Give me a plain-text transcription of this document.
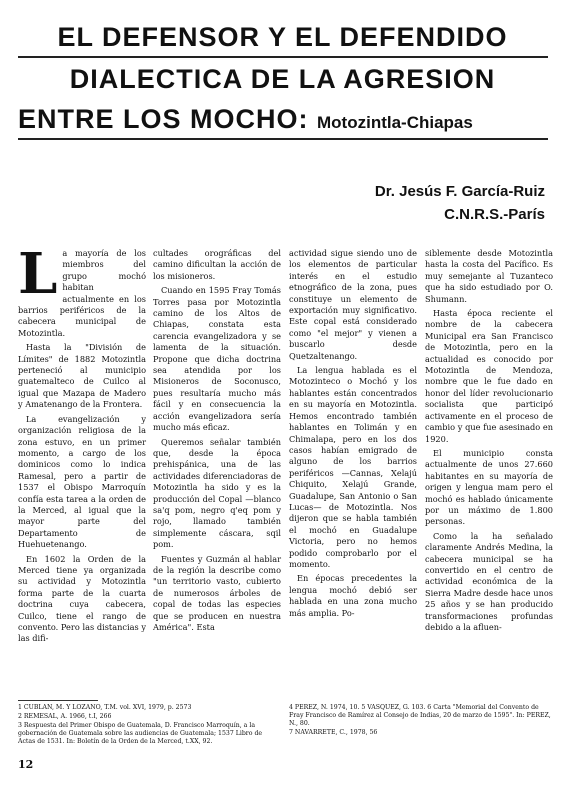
EL DEFENSOR Y EL DEFENDIDO
DIALECTICA DE LA AGRESION
ENTRE LOS MOCHO: Motozintla-Chiapas
Dr. Jesús F. García-Ruiz
C.N.R.S.-París
L a mayoría de los miembros del grupo mochó habitan actualmente en los barrios periféricos de la cabecera municipal de Motozintla.

Hasta la "División de Límites" de 1882 Motozintla perteneció al municipio guatemalteco de Cuilco al igual que Mazapa de Madero y Amatenango de la Frontera.

La evangelización y organización religiosa de la zona estuvo, en un primer momento, a cargo de los dominicos como lo indica Ramesal, pero a partir de 1537 el Obispo Marroquín confía esta tarea a la orden de la Merced, al igual que la mayor parte del Departamento de Huehuetenango.

En 1602 la Orden de la Merced tiene ya organizada su actividad y Motozintla forma parte de la cuarta doctrina cuya cabecera, Cuilco, tiene el rango de convento. Pero las distancias y las difi-

cultades orográficas del camino dificultan la acción de los misioneros.

Cuando en 1595 Fray Tomás Torres pasa por Motozintla camino de los Altos de Chiapas, constata esta carencia evangelizadora y se lamenta de la situación. Propone que dicha doctrina sea atendida por los Misioneros de Soconusco, pues resultaría mucho más fácil y en consecuencia la acción evangelizadora sería mucho más eficaz.

Queremos señalar también que, desde la época prehispánica, una de las actividades diferenciadoras de Motozintla ha sido y es la producción del Copal —blanco sa'q pom, negro q'eq pom y rojo, llamado también simplemente cáscara, sqil pom.

Fuentes y Guzmán al hablar de la región la describe como "un territorio vasto, cubierto de numerosos árboles de copal de todas las especies que se producen en nuestra América". Esta

actividad sigue siendo uno de los elementos de particular interés en el estudio etnográfico de la zona, pues constituye un elemento de exportación muy significativo. Este copal está considerado como "el mejor" y vienen a buscarlo desde Quetzaltenango.

La lengua hablada es el Motozinteco o Mochó y los hablantes están concentrados en su mayoría en Motozintla. Hemos encontrado también hablantes en Tolimán y en Chimalapa, pero en los dos casos habían emigrado de alguno de los barrios periféricos —Cannas, Xelajú Chiquito, Xelajú Grande, Guadalupe, San Antonio o San Lucas— de Motozintla. Nos dijeron que se habla también el mochó en Guadalupe Victoria, pero no hemos podido comprobarlo por el momento.

En épocas precedentes la lengua mochó debió ser hablada en una zona mucho más amplia. Po-

siblemente desde Motozintla hasta la costa del Pacífico. Es muy semejante al Tuzanteco que ha sido estudiado por O. Shumann.

Hasta época reciente el nombre de la cabecera Municipal era San Francisco de Motozintla, pero en la actualidad es conocido por Motozintla de Mendoza, nombre que le fue dado en honor del líder revolucionario socialista que participó activamente en el proceso de cambio y que fue asesinado en 1920.

El municipio consta actualmente de unos 27.660 habitantes en su mayoría de origen y lengua mam pero el mochó es hablado únicamente por un máximo de 1.800 personas.

Como la ha señalado claramente Andrés Medina, la cabecera municipal se ha convertido en el centro de actividad económica de la Sierra Madre desde hace unos 25 años y se han producido transformaciones profundas debido a la afluen-

1 CUBLAN, M. Y LOZANO, T.M. vol. XVI, 1979, p. 2573
2 REMESAL, A. 1966, t.I, 266
3 Respuesta del Primer Obispo de Guatemala, D. Francisco Marroquín, a la gobernación de Guatemala sobre las audiencias de Guatemala; 1537 Libro de Actas de 1531. In: Boletín de la Orden de la Merced, t.XX, 92.
4 PEREZ, N. 1974, 10. 5 VASQUEZ, G. 103. 6 Carta "Memorial del Convento de Fray Francisco de Ramírez al Consejo de Indias, 20 de marzo de 1595". In: PEREZ, N., 80.
7 NAVARRETE, C., 1978, 56
12
